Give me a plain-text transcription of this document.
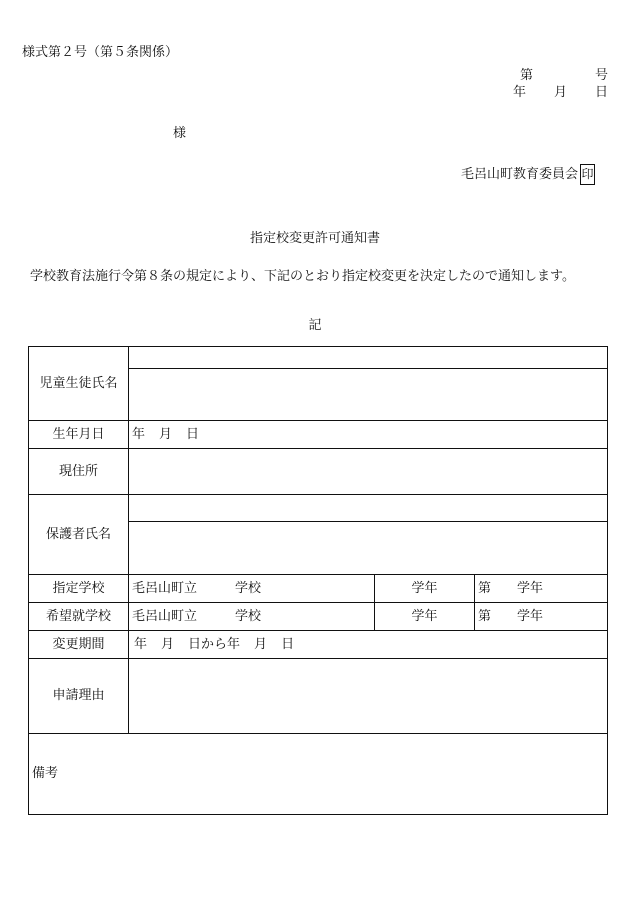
様式第２号（第５条関係）
第	号
年 月 日
様
毛呂山町教育委員会 印
指定校変更許可通知書
学校教育法施行令第８条の規定により、下記のとおり指定校変更を決定したので通知します。
記
児童生徒氏名			

生年月日	年 月 日		
現住所			
保護者氏名			

指定学校	毛呂山町立 学校	学年	第 学年
希望就学校	毛呂山町立 学校	学年	第 学年
変更期間	年 月 日から年 月 日		
申請理由			
備考			
